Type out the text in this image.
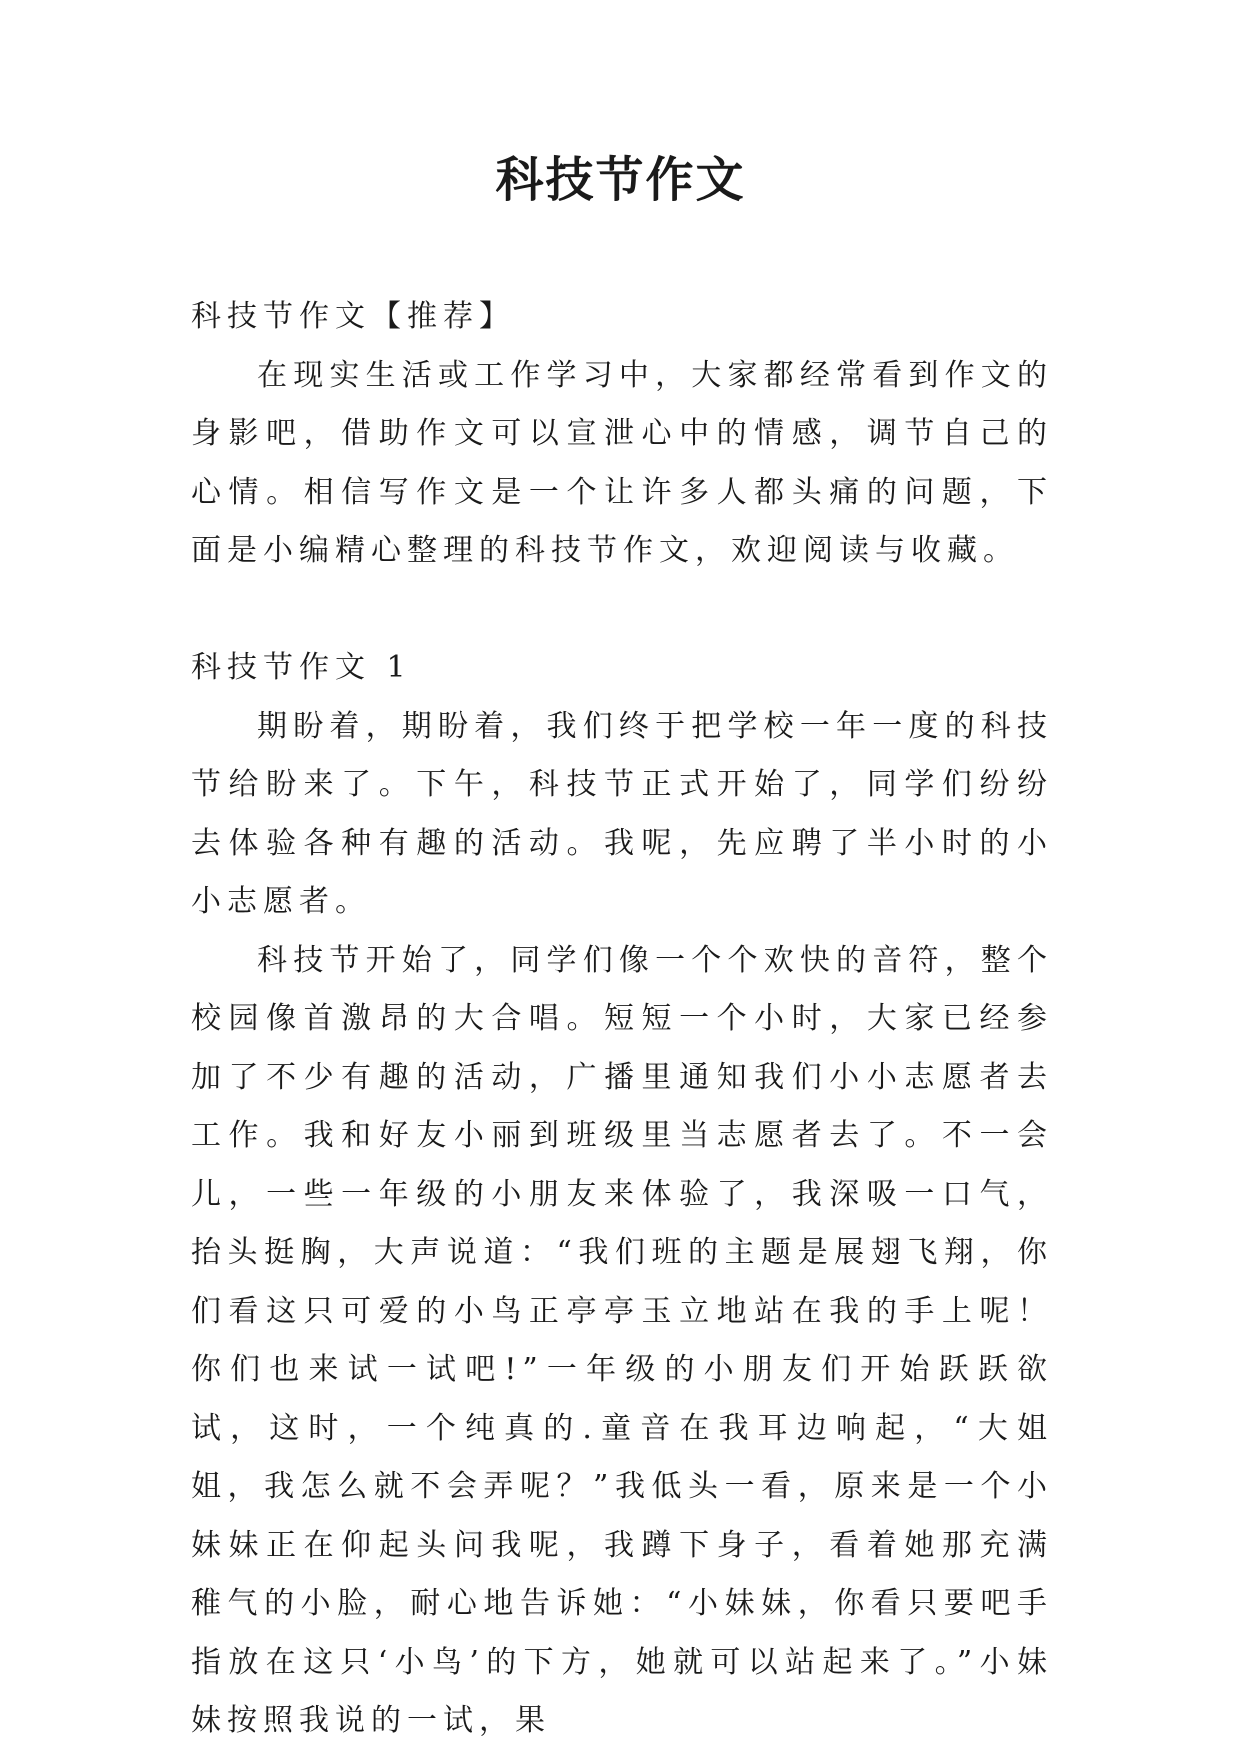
科技节作文

科技节作文【推荐】

在现实生活或工作学习中，大家都经常看到作文的身影吧，借助作文可以宣泄心中的情感，调节自己的心情。相信写作文是一个让许多人都头痛的问题，下面是小编精心整理的科技节作文，欢迎阅读与收藏。

科技节作文 1

期盼着，期盼着，我们终于把学校一年一度的科技节给盼来了。下午，科技节正式开始了，同学们纷纷去体验各种有趣的活动。我呢，先应聘了半小时的小小志愿者。

科技节开始了，同学们像一个个欢快的音符，整个校园像首激昂的大合唱。短短一个小时，大家已经参加了不少有趣的活动，广播里通知我们小小志愿者去工作。我和好友小丽到班级里当志愿者去了。不一会儿，一些一年级的小朋友来体验了，我深吸一口气，抬头挺胸，大声说道：“我们班的主题是展翅飞翔，你们看这只可爱的小鸟正亭亭玉立地站在我的手上呢！你们也来试一试吧!”一年级的小朋友们开始跃跃欲试，这时，一个纯真的.童音在我耳边响起，“大姐姐，我怎么就不会弄呢？”我低头一看，原来是一个小妹妹正在仰起头问我呢，我蹲下身子，看着她那充满稚气的小脸，耐心地告诉她：“小妹妹，你看只要吧手指放在这只‘小鸟’的下方，她就可以站起来了。”小妹妹按照我说的一试，果
